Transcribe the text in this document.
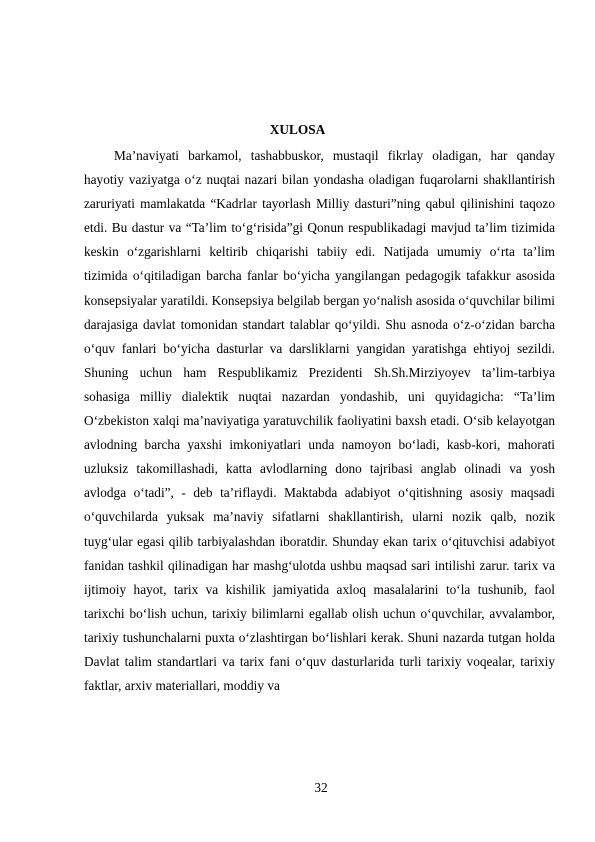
XULOSA

Ma’naviyati barkamol, tashabbuskor, mustaqil fikrlay oladigan, har qanday hayotiy vaziyatga o‘z nuqtai nazari bilan yondasha oladigan fuqarolarni shakllantirish zaruriyati mamlakatda “Kadrlar tayorlash Milliy dasturi”ning qabul qilinishini taqozo etdi. Bu dastur va “Ta’lim to‘g‘risida”gi Qonun respublikadagi mavjud ta’lim tizimida keskin o‘zgarishlarni keltirib chiqarishi tabiiy edi. Natijada umumiy o‘rta ta’lim tizimida o‘qitiladigan barcha fanlar bo‘yicha yangilangan pedagogik tafakkur asosida konsepsiyalar yaratildi. Konsepsiya belgilab bergan yo‘nalish asosida o‘quvchilar bilimi darajasiga davlat tomonidan standart talablar qo‘yildi. Shu asnoda o‘z-o‘zidan barcha o‘quv fanlari bo‘yicha dasturlar va darsliklarni yangidan yaratishga ehtiyoj sezildi. Shuning uchun ham Respublikamiz Prezidenti Sh.Sh.Mirziyoyev ta’lim-tarbiya sohasiga milliy dialektik nuqtai nazardan yondashib, uni quyidagicha: “Ta’lim O‘zbekiston xalqi ma’naviyatiga yaratuvchilik faoliyatini baxsh etadi. O‘sib kelayotgan avlodning barcha yaxshi imkoniyatlari unda namoyon bo‘ladi, kasb-kori, mahorati uzluksiz takomillashadi, katta avlodlarning dono tajribasi anglab olinadi va yosh avlodga o‘tadi”, - deb ta’riflaydi. Maktabda adabiyot o‘qitishning asosiy maqsadi o‘quvchilarda yuksak ma’naviy sifatlarni shakllantirish, ularni nozik qalb, nozik tuyg‘ular egasi qilib tarbiyalashdan iboratdir. Shunday ekan tarix o‘qituvchisi adabiyot fanidan tashkil qilinadigan har mashg‘ulotda ushbu maqsad sari intilishi zarur. tarix va ijtimoiy hayot, tarix va kishilik jamiyatida axloq masalalarini to‘la tushunib, faol tarixchi bo‘lish uchun, tarixiy bilimlarni egallab olish uchun o‘quvchilar, avvalambor, tarixiy tushunchalarni puxta o‘zlashtirgan bo‘lishlari kerak. Shuni nazarda tutgan holda Davlat talim standartlari va tarix fani o‘quv dasturlarida turli tarixiy voqealar, tarixiy faktlar, arxiv materiallari, moddiy va

32
